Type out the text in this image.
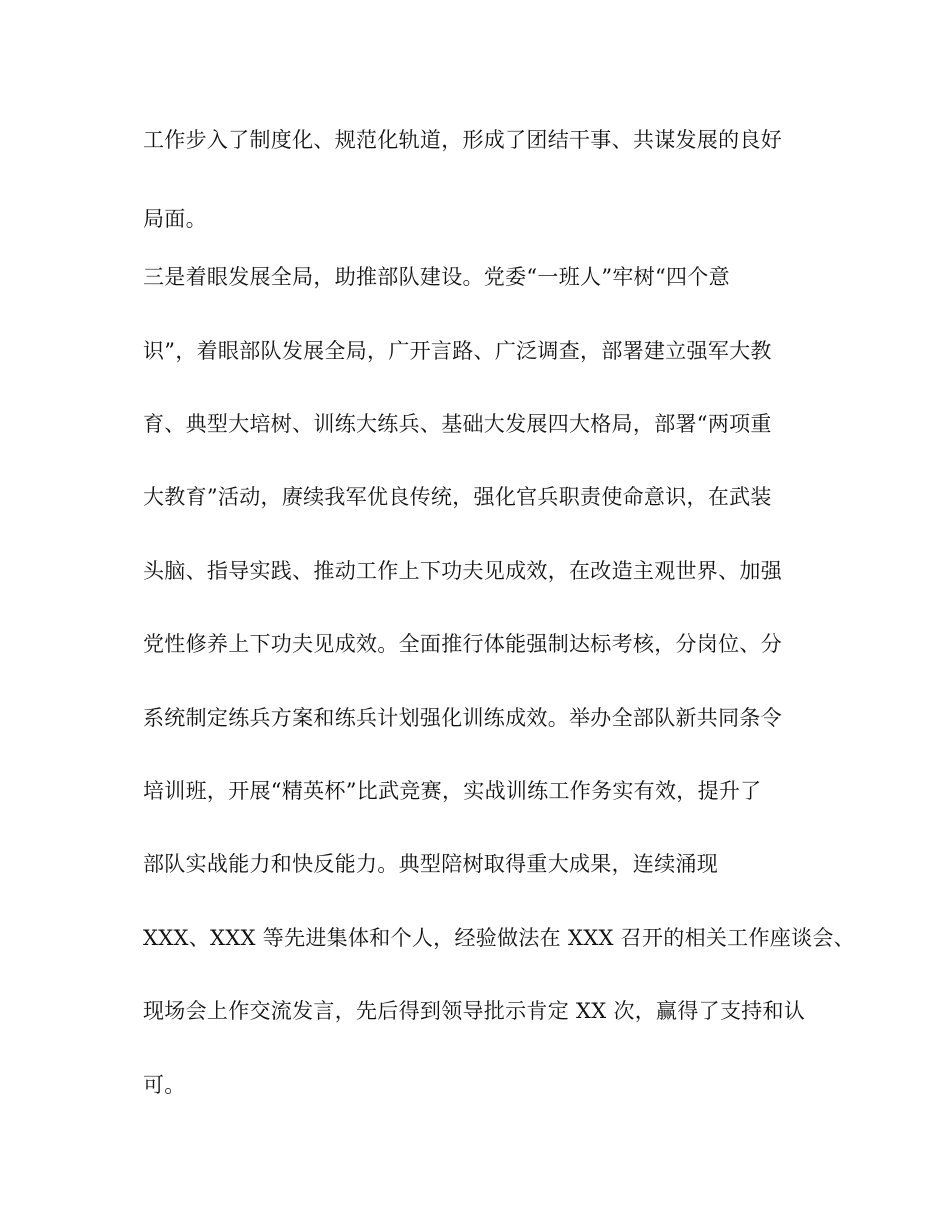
工作步入了制度化、规范化轨道，形成了团结干事、共谋发展的良好
局面。
三是着眼发展全局，助推部队建设。党委“一班人”牢树“四个意
识”，着眼部队发展全局，广开言路、广泛调查，部署建立强军大教
育、典型大培树、训练大练兵、基础大发展四大格局，部署“两项重
大教育”活动，赓续我军优良传统，强化官兵职责使命意识，在武装
头脑、指导实践、推动工作上下功夫见成效，在改造主观世界、加强
党性修养上下功夫见成效。全面推行体能强制达标考核，分岗位、分
系统制定练兵方案和练兵计划强化训练成效。举办全部队新共同条令
培训班，开展“精英杯”比武竞赛，实战训练工作务实有效，提升了
部队实战能力和快反能力。典型陪树取得重大成果，连续涌现
XXX、XXX 等先进集体和个人，经验做法在 XXX 召开的相关工作座谈会、
现场会上作交流发言，先后得到领导批示肯定 XX 次，赢得了支持和认
可。
